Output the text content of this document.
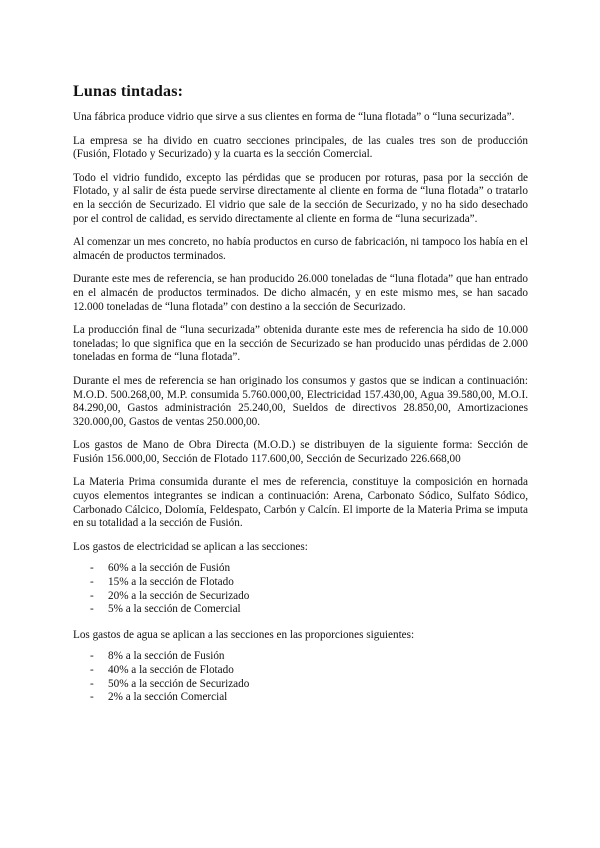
Lunas tintadas:

Una fábrica produce vidrio que sirve a sus clientes en forma de “luna flotada” o “luna securizada”.

La empresa se ha divido en cuatro secciones principales, de las cuales tres son de producción (Fusión, Flotado y Securizado) y la cuarta es la sección Comercial.

Todo el vidrio fundido, excepto las pérdidas que se producen por roturas, pasa por la sección de Flotado, y al salir de ésta puede servirse directamente al cliente en forma de “luna flotada” o tratarlo en la sección de Securizado. El vidrio que sale de la sección de Securizado, y no ha sido desechado por el control de calidad, es servido directamente al cliente en forma de “luna securizada”.

Al comenzar un mes concreto, no había productos en curso de fabricación, ni tampoco los había en el almacén de productos terminados.

Durante este mes de referencia, se han producido 26.000 toneladas de “luna flotada” que han entrado en el almacén de productos terminados. De dicho almacén, y en este mismo mes, se han sacado 12.000 toneladas de “luna flotada” con destino a la sección de Securizado.

La producción final de “luna securizada” obtenida durante este mes de referencia ha sido de 10.000 toneladas; lo que significa que en la sección de Securizado se han producido unas pérdidas de 2.000 toneladas en forma de “luna flotada”.

Durante el mes de referencia se han originado los consumos y gastos que se indican a continuación: M.O.D. 500.268,00, M.P. consumida 5.760.000,00, Electricidad 157.430,00, Agua 39.580,00, M.O.I. 84.290,00, Gastos administración 25.240,00, Sueldos de directivos 28.850,00, Amortizaciones 320.000,00, Gastos de ventas 250.000,00.

Los gastos de Mano de Obra Directa (M.O.D.) se distribuyen de la siguiente forma: Sección de Fusión 156.000,00, Sección de Flotado 117.600,00, Sección de Securizado 226.668,00

La Materia Prima consumida durante el mes de referencia, constituye la composición en hornada cuyos elementos integrantes se indican a continuación: Arena, Carbonato Sódico, Sulfato Sódico, Carbonado Cálcico, Dolomía, Feldespato, Carbón y Calcín. El importe de la Materia Prima se imputa en su totalidad a la sección de Fusión.

Los gastos de electricidad se aplican a las secciones:

-	60% a la sección de Fusión
-	15% a la sección de Flotado
-	20% a la sección de Securizado
-	5% a la sección de Comercial

Los gastos de agua se aplican a las secciones en las proporciones siguientes:

-	8% a la sección de Fusión
-	40% a la sección de Flotado
-	50% a la sección de Securizado
-	2% a la sección Comercial
